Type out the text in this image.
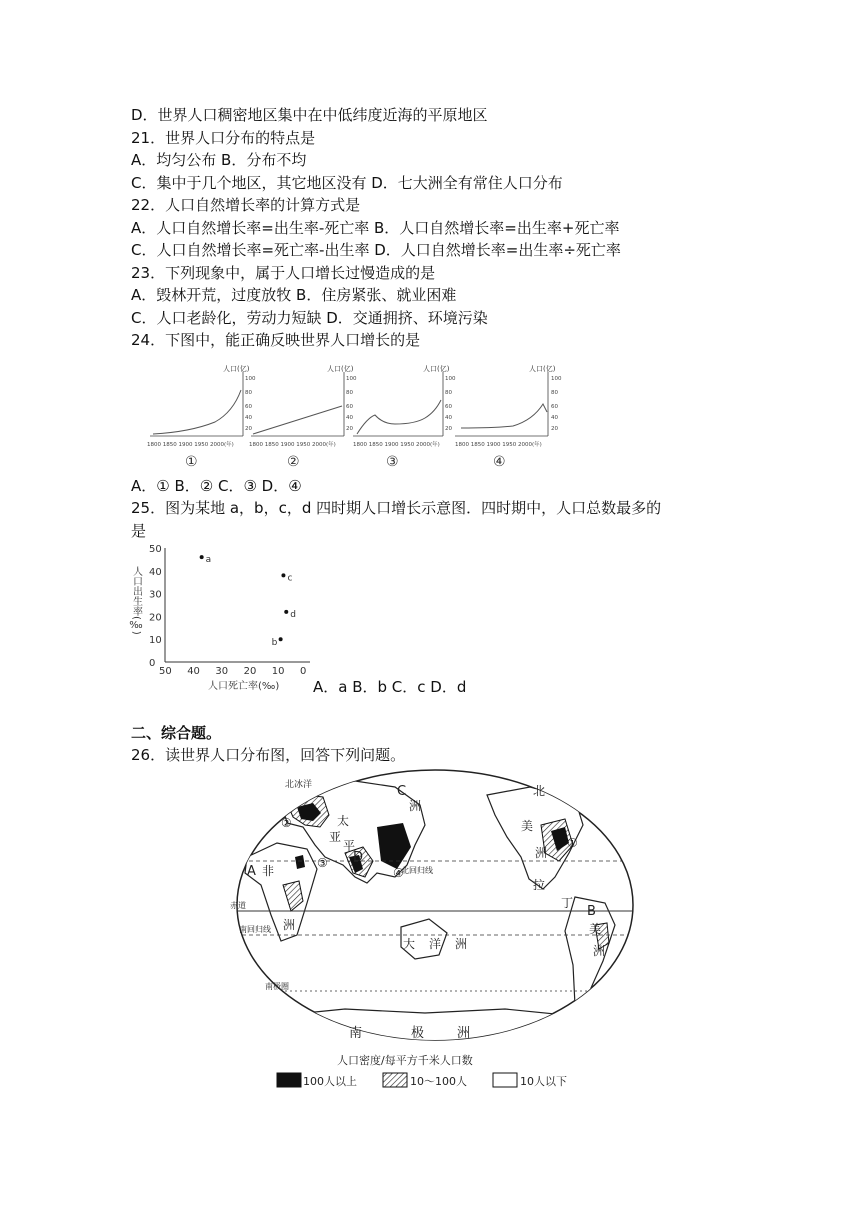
D．世界人口稠密地区集中在中低纬度近海的平原地区
21．世界人口分布的特点是
A．均匀公布 B．分布不均
C．集中于几个地区，其它地区没有 D．七大洲全有常住人口分布
22．人口自然增长率的计算方式是
A．人口自然增长率=出生率-死亡率 B．人口自然增长率=出生率+死亡率
C．人口自然增长率=死亡率-出生率 D．人口自然增长率=出生率÷死亡率
23．下列现象中，属于人口增长过慢造成的是
A．毁林开荒，过度放牧 B．住房紧张、就业困难
C．人口老龄化，劳动力短缺 D．交通拥挤、环境污染
24．下图中，能正确反映世界人口增长的是
人口(亿)
100
80
60
40
20
1800 1850 1900 1950 2000(年)
①
人口(亿)
100
80
60
40
20
1800 1850 1900 1950 2000(年)
②
人口(亿)
100
80
60
40
20
1800 1850 1900 1950 2000(年)
③
人口(亿)
100
80
60
40
20
1800 1850 1900 1950 2000(年)
④
A．① B．② C．③ D．④
25．图为某地 a，b，c，d 四时期人口增长示意图．四时期中，人口总数最多的
是
人口出生率(‰)
50
40
30
20
10
0
50 40 30 20 10 0
a
c
d
b
人口死亡率(‰) A．a B．b C．c D．d
二、综合题。
26．读世界人口分布图，回答下列问题。
北冰洋	C
洲
北
美
洲
A 非
亚
D
太
平
拉
丁
B
美
洲
大 洋 洲
洲
南	极	洲
北回归线
赤道
南回归线
南极圈
①
②
③
④
人口密度/每平方千米人口数
100人以上	10～100人	10人以下
